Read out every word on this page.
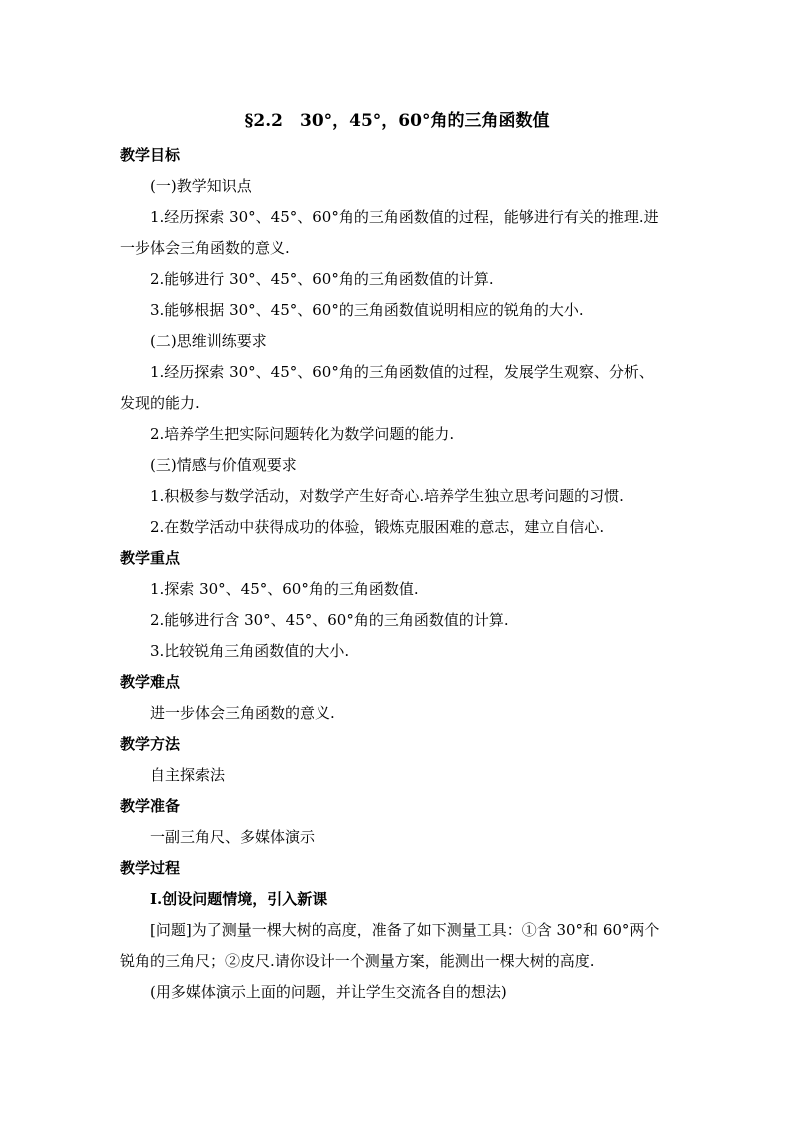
§2.2　30°，45°，60°角的三角函数值
教学目标
(一)教学知识点
1.经历探索 30°、45°、60°角的三角函数值的过程，能够进行有关的推理.进
一步体会三角函数的意义.
2.能够进行 30°、45°、60°角的三角函数值的计算.
3.能够根据 30°、45°、60°的三角函数值说明相应的锐角的大小.
(二)思维训练要求
1.经历探索 30°、45°、60°角的三角函数值的过程，发展学生观察、分析、
发现的能力.
2.培养学生把实际问题转化为数学问题的能力.
(三)情感与价值观要求
1.积极参与数学活动，对数学产生好奇心.培养学生独立思考问题的习惯.
2.在数学活动中获得成功的体验，锻炼克服困难的意志，建立自信心.
教学重点
1.探索 30°、45°、60°角的三角函数值.
2.能够进行含 30°、45°、60°角的三角函数值的计算.
3.比较锐角三角函数值的大小.
教学难点
进一步体会三角函数的意义.
教学方法
自主探索法
教学准备
一副三角尺、多媒体演示
教学过程
Ⅰ.创设问题情境，引入新课
[问题]为了测量一棵大树的高度，准备了如下测量工具：①含 30°和 60°两个
锐角的三角尺；②皮尺.请你设计一个测量方案，能测出一棵大树的高度.
(用多媒体演示上面的问题，并让学生交流各自的想法)
